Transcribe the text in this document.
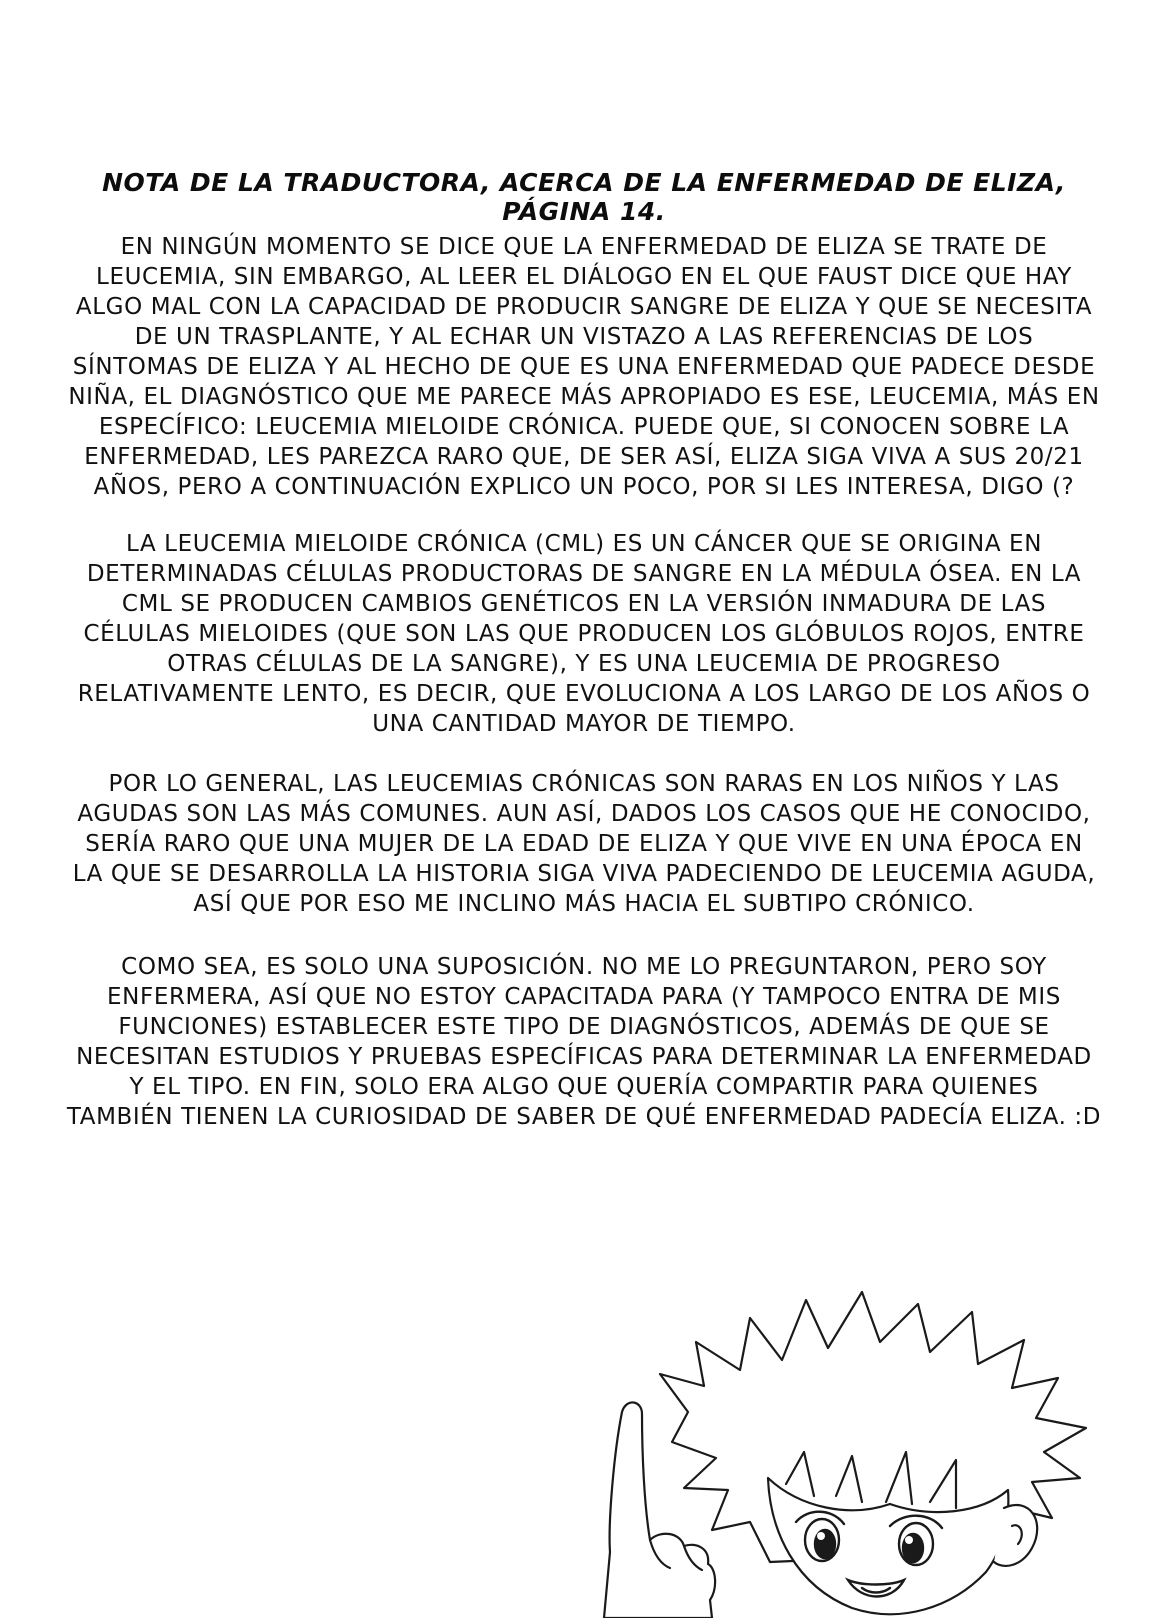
NOTA DE LA TRADUCTORA, ACERCA DE LA ENFERMEDAD DE ELIZA, PÁGINA 14.

EN NINGÚN MOMENTO SE DICE QUE LA ENFERMEDAD DE ELIZA SE TRATE DE
LEUCEMIA, SIN EMBARGO, AL LEER EL DIÁLOGO EN EL QUE FAUST DICE QUE HAY
ALGO MAL CON LA CAPACIDAD DE PRODUCIR SANGRE DE ELIZA Y QUE SE NECESITA
DE UN TRASPLANTE, Y AL ECHAR UN VISTAZO A LAS REFERENCIAS DE LOS
SÍNTOMAS DE ELIZA Y AL HECHO DE QUE ES UNA ENFERMEDAD QUE PADECE DESDE
NIÑA, EL DIAGNÓSTICO QUE ME PARECE MÁS APROPIADO ES ESE, LEUCEMIA, MÁS EN
ESPECÍFICO: LEUCEMIA MIELOIDE CRÓNICA. PUEDE QUE, SI CONOCEN SOBRE LA
ENFERMEDAD, LES PAREZCA RARO QUE, DE SER ASÍ, ELIZA SIGA VIVA A SUS 20/21
AÑOS, PERO A CONTINUACIÓN EXPLICO UN POCO, POR SI LES INTERESA, DIGO (?

LA LEUCEMIA MIELOIDE CRÓNICA (CML) ES UN CÁNCER QUE SE ORIGINA EN
DETERMINADAS CÉLULAS PRODUCTORAS DE SANGRE EN LA MÉDULA ÓSEA. EN LA
CML SE PRODUCEN CAMBIOS GENÉTICOS EN LA VERSIÓN INMADURA DE LAS
CÉLULAS MIELOIDES (QUE SON LAS QUE PRODUCEN LOS GLÓBULOS ROJOS, ENTRE
OTRAS CÉLULAS DE LA SANGRE), Y ES UNA LEUCEMIA DE PROGRESO
RELATIVAMENTE LENTO, ES DECIR, QUE EVOLUCIONA A LOS LARGO DE LOS AÑOS O
UNA CANTIDAD MAYOR DE TIEMPO.

POR LO GENERAL, LAS LEUCEMIAS CRÓNICAS SON RARAS EN LOS NIÑOS Y LAS
AGUDAS SON LAS MÁS COMUNES. AUN ASÍ, DADOS LOS CASOS QUE HE CONOCIDO,
SERÍA RARO QUE UNA MUJER DE LA EDAD DE ELIZA Y QUE VIVE EN UNA ÉPOCA EN
LA QUE SE DESARROLLA LA HISTORIA SIGA VIVA PADECIENDO DE LEUCEMIA AGUDA,
ASÍ QUE POR ESO ME INCLINO MÁS HACIA EL SUBTIPO CRÓNICO.

COMO SEA, ES SOLO UNA SUPOSICIÓN. NO ME LO PREGUNTARON, PERO SOY
ENFERMERA, ASÍ QUE NO ESTOY CAPACITADA PARA (Y TAMPOCO ENTRA DE MIS
FUNCIONES) ESTABLECER ESTE TIPO DE DIAGNÓSTICOS, ADEMÁS DE QUE SE
NECESITAN ESTUDIOS Y PRUEBAS ESPECÍFICAS PARA DETERMINAR LA ENFERMEDAD
Y EL TIPO. EN FIN, SOLO ERA ALGO QUE QUERÍA COMPARTIR PARA QUIENES
TAMBIÉN TIENEN LA CURIOSIDAD DE SABER DE QUÉ ENFERMEDAD PADECÍA ELIZA. :D
